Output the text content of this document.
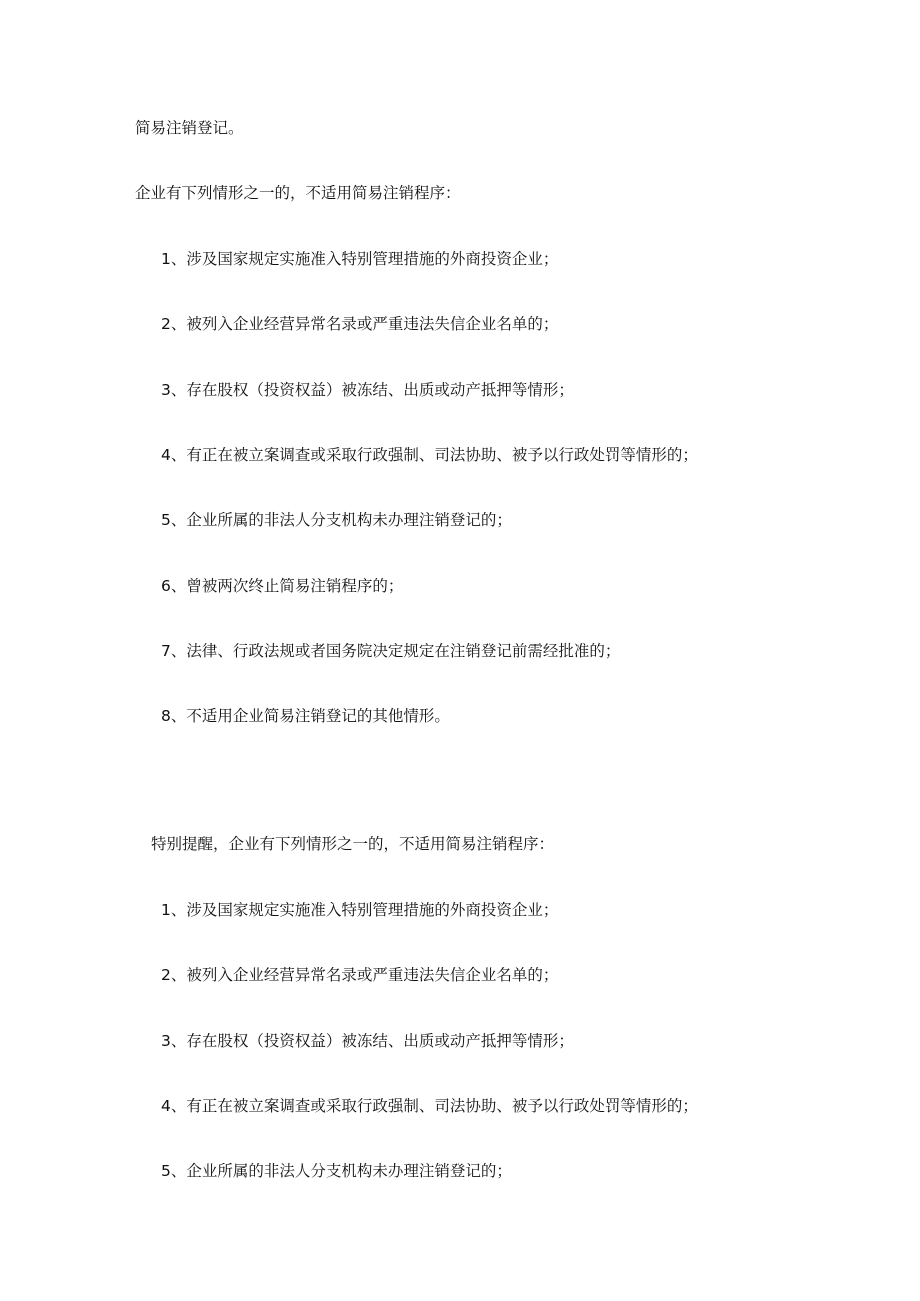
简易注销登记。
企业有下列情形之一的，不适用简易注销程序：
1、涉及国家规定实施准入特别管理措施的外商投资企业；
2、被列入企业经营异常名录或严重违法失信企业名单的；
3、存在股权（投资权益）被冻结、出质或动产抵押等情形；
4、有正在被立案调查或采取行政强制、司法协助、被予以行政处罚等情形的；
5、企业所属的非法人分支机构未办理注销登记的；
6、曾被两次终止简易注销程序的；
7、法律、行政法规或者国务院决定规定在注销登记前需经批准的；
8、不适用企业简易注销登记的其他情形。
特别提醒，企业有下列情形之一的，不适用简易注销程序：
1、涉及国家规定实施准入特别管理措施的外商投资企业；
2、被列入企业经营异常名录或严重违法失信企业名单的；
3、存在股权（投资权益）被冻结、出质或动产抵押等情形；
4、有正在被立案调查或采取行政强制、司法协助、被予以行政处罚等情形的；
5、企业所属的非法人分支机构未办理注销登记的；
